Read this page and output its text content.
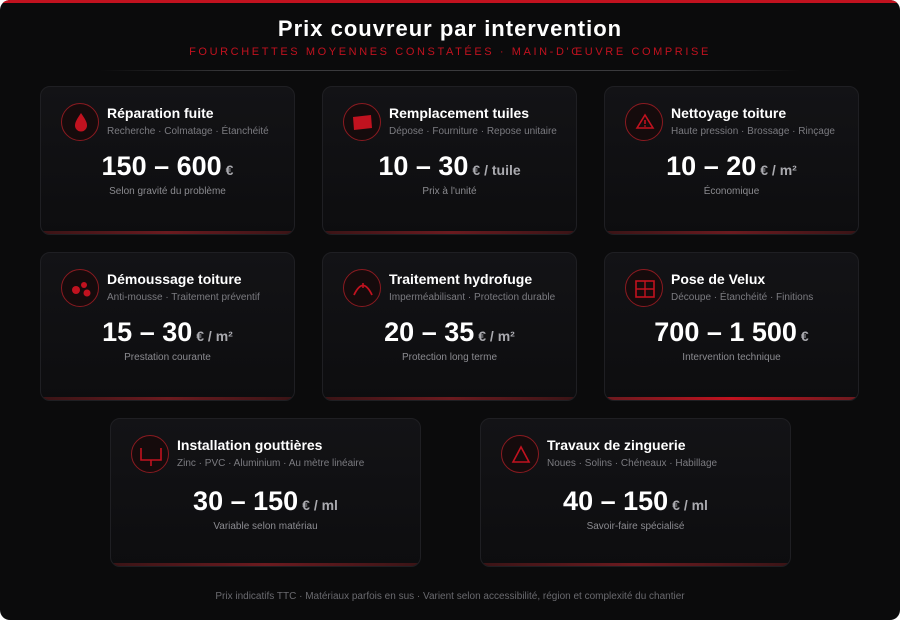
Prix couvreur par intervention
FOURCHETTES MOYENNES CONSTATÉES · MAIN-D'ŒUVRE COMPRISE
Réparation fuite
Recherche · Colmatage · Étanchéité
150 – 600 €
Selon gravité du problème
Remplacement tuiles
Dépose · Fourniture · Repose unitaire
10 – 30 € / tuile
Prix à l'unité
Nettoyage toiture
Haute pression · Brossage · Rinçage
10 – 20 € / m²
Économique
Démoussage toiture
Anti-mousse · Traitement préventif
15 – 30 € / m²
Prestation courante
Traitement hydrofuge
Imperméabilisant · Protection durable
20 – 35 € / m²
Protection long terme
Pose de Velux
Découpe · Étanchéité · Finitions
700 – 1 500 €
Intervention technique
Installation gouttières
Zinc · PVC · Aluminium · Au mètre linéaire
30 – 150 € / ml
Variable selon matériau
Travaux de zinguerie
Noues · Solins · Chéneaux · Habillage
40 – 150 € / ml
Savoir-faire spécialisé
Prix indicatifs TTC · Matériaux parfois en sus · Varient selon accessibilité, région et complexité du chantier
